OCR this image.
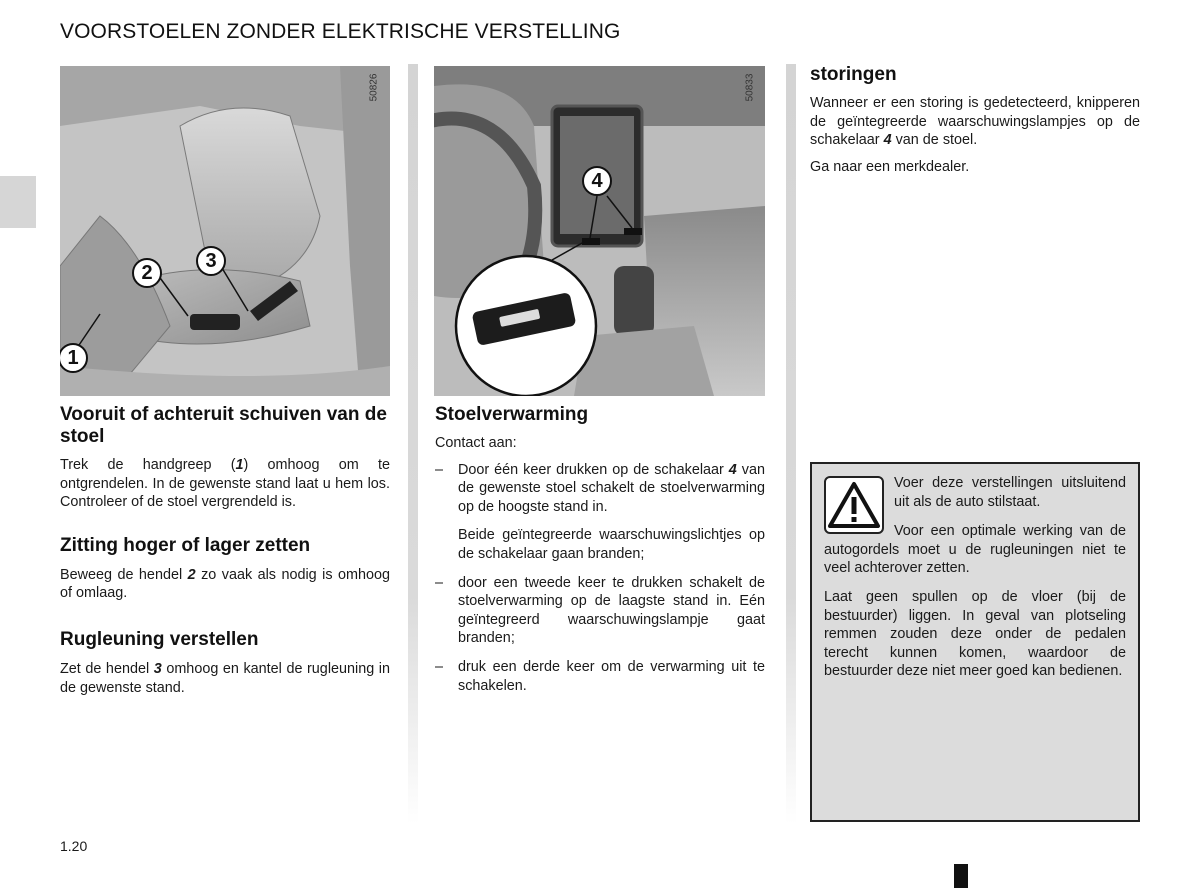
VOORSTOELEN ZONDER ELEKTRISCHE VERSTELLING
50826
1
2
3
50833
4
Vooruit of achteruit schuiven van de stoel

Trek de handgreep (1) omhoog om te ontgrendelen. In de gewenste stand laat u hem los. Controleer of de stoel vergrendeld is.

Zitting hoger of lager zetten

Beweeg de hendel 2 zo vaak als nodig is omhoog of omlaag.

Rugleuning verstellen

Zet de hendel 3 omhoog en kantel de rugleuning in de gewenste stand.

Stoelverwarming

Contact aan:

– Door één keer drukken op de schakelaar 4 van de gewenste stoel schakelt de stoelverwarming op de hoogste stand in.

Beide geïntegreerde waarschuwingslichtjes op de schakelaar gaan branden;

– door een tweede keer te drukken schakelt de stoelverwarming op de laagste stand in. Eén geïntegreerd waarschuwingslampje gaat branden;
– druk een derde keer om de verwarming uit te schakelen.
storingen

Wanneer er een storing is gedetecteerd, knipperen de geïntegreerde waarschuwingslampjes op de schakelaar 4 van de stoel.

Ga naar een merkdealer.

Voer deze verstellingen uitsluitend uit als de auto stilstaat.

Voor een optimale werking van de autogordels moet u de rugleuningen niet te veel achterover zetten.

Laat geen spullen op de vloer (bij de bestuurder) liggen. In geval van plotseling remmen zouden deze onder de pedalen terecht kunnen komen, waardoor de bestuurder deze niet meer goed kan bedienen.

1.20
